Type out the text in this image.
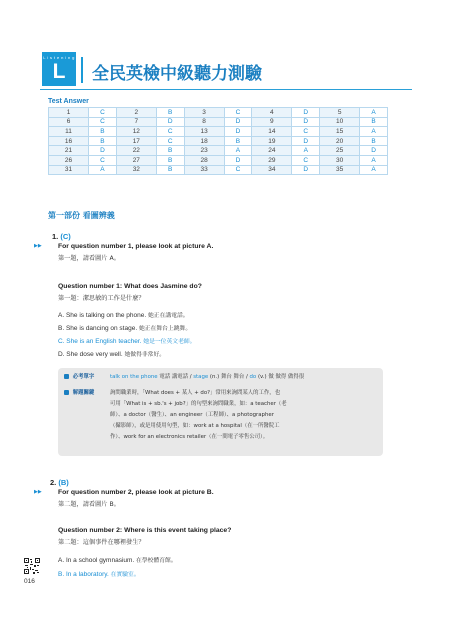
L i s t e n i n g
L	全民英檢中級聽力測驗
Test Answer
1	C	2	B	3	C	4	D	5	A
6	C	7	D	8	D	9	D	10	B
11	B	12	C	13	D	14	C	15	A
16	B	17	C	18	B	19	D	20	B
21	D	22	B	23	A	24	A	25	D
26	C	27	B	28	D	29	C	30	A
31	A	32	B	33	C	34	D	35	A
第一部份 看圖辨義
1. (C)
▶▶	For question number 1, please look at picture A.
第一題，請看圖片 A。
Question number 1: What does Jasmine do?
第一題：潔思敏的工作是什麼？
A. She is talking on the phone. 她正在講電話。
B. She is dancing on stage. 她正在舞台上跳舞。
C. She is an English teacher. 她是一位英文老師。
D. She dose very well. 她做得非常好。
必考單字	talk on the phone 電話 講電話 / stage (n.) 舞台 舞台 / do (v.) 做 做得 做得很
解題關鍵	詢問職業時，「What does + 某人 + do?」常用來詢問某人的工作，也
可用「What is + sb.'s + job?」的句型來詢問職業，如：a teacher（老
師）、a doctor（醫生）、an engineer（工程師）、a photographer
（攝影師），或是用使用句型，如：work at a hospital（在一所醫院工
作）、work for an electronics retailer（在一間電子零售公司）。
2. (B)
▶▶	For question number 2, please look at picture B.
第二題，請看圖片 B。
Question number 2: Where is this event taking place?
第二題：這個事件在哪裡發生？
A. In a school gymnasium. 在學校體育館。
B. In a laboratory. 在實驗室。
016
